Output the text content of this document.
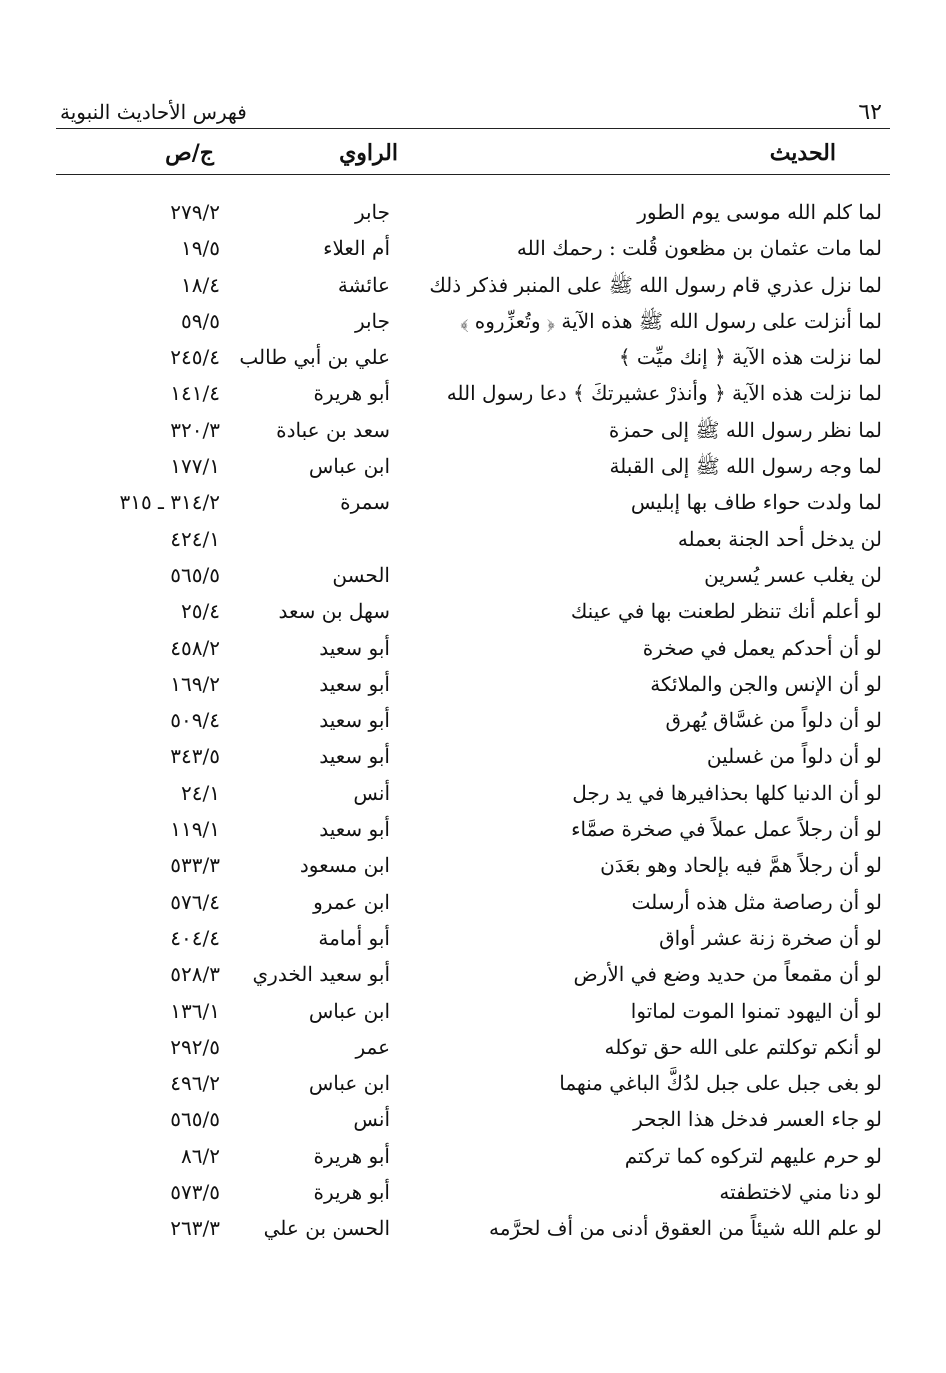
٦٢
فهرس الأحاديث النبوية
الحديث
الراوي
ج/ص
لما كلم الله موسى يوم الطور
جابر
٢٧٩/٢
لما مات عثمان بن مظعون قُلت : رحمك الله
أم العلاء
١٩/٥
لما نزل عذري قام رسول الله ﷺ على المنبر فذكر ذلك
عائشة
١٨/٤
لما أنزلت على رسول الله ﷺ هذه الآية ﴿ وتُعزِّروه ﴾
جابر
٥٩/٥
لما نزلت هذه الآية ﴿ إنك ميِّت ﴾
علي بن أبي طالب
٢٤٥/٤
لما نزلت هذه الآية ﴿ وأنذرْ عشيرتكَ ﴾ دعا رسول الله
أبو هريرة
١٤١/٤
لما نظر رسول الله ﷺ إلى حمزة
سعد بن عبادة
٣٢٠/٣
لما وجه رسول الله ﷺ إلى القبلة
ابن عباس
١٧٧/١
لما ولدت حواء طاف بها إبليس
سمرة
٣١٤/٢ ـ ٣١٥
لن يدخل أحد الجنة بعمله
٤٢٤/١
لن يغلب عسر يُسرين
الحسن
٥٦٥/٥
لو أعلم أنك تنظر لطعنت بها في عينك
سهل بن سعد
٢٥/٤
لو أن أحدكم يعمل في صخرة
أبو سعيد
٤٥٨/٢
لو أن الإنس والجن والملائكة
أبو سعيد
١٦٩/٢
لو أن دلواً من غسَّاق يُهرق
أبو سعيد
٥٠٩/٤
لو أن دلواً من غسلين
أبو سعيد
٣٤٣/٥
لو أن الدنيا كلها بحذافيرها في يد رجل
أنس
٢٤/١
لو أن رجلاً عمل عملاً في صخرة صمَّاء
أبو سعيد
١١٩/١
لو أن رجلاً همَّ فيه بإلحاد وهو بعَدَن
ابن مسعود
٥٣٣/٣
لو أن رصاصة مثل هذه أرسلت
ابن عمرو
٥٧٦/٤
لو أن صخرة زنة عشر أواق
أبو أمامة
٤٠٤/٤
لو أن مقمعاً من حديد وضع في الأرض
أبو سعيد الخدري
٥٢٨/٣
لو أن اليهود تمنوا الموت لماتوا
ابن عباس
١٣٦/١
لو أنكم توكلتم على الله حق توكله
عمر
٢٩٢/٥
لو بغى جبل على جبل لدُكَّ الباغي منهما
ابن عباس
٤٩٦/٢
لو جاء العسر فدخل هذا الجحر
أنس
٥٦٥/٥
لو حرم عليهم لتركوه كما تركتم
أبو هريرة
٨٦/٢
لو دنا مني لاختطفته
أبو هريرة
٥٧٣/٥
لو علم الله شيئاً من العقوق أدنى من أف لحرَّمه
الحسن بن علي
٢٦٣/٣
